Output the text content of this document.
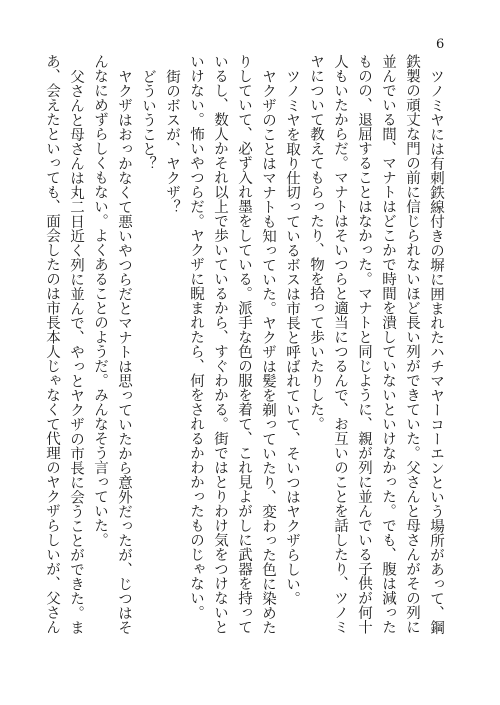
6
ツノミヤには有刺鉄線付きの塀に囲まれたハチマヤーコーエンという場所があって、鋼
鉄製の頑丈な門の前に信じられないほど長い列ができていた。父さんと母さんがその列に
並んでいる間、マナトはどこかで時間を潰していないといけなかった。でも、腹は減った
ものの、退屈することはなかった。マナトと同じように、親が列に並んでいる子供が何十
人もいたからだ。マナトはそいつらと適当につるんで、お互いのことを話したり、ツノミ
ヤについて教えてもらったり、物を拾って歩いたりした。
ツノミヤを取り仕切っているボスは市長と呼ばれていて、そいつはヤクザらしい。
ヤクザのことはマナトも知っていた。ヤクザは髪を剃っていたり、変わった色に染めた
りしていて、必ず入れ墨をしている。派手な色の服を着て、これ見よがしに武器を持って
いるし、数人かそれ以上で歩いているから、すぐわかる。街ではとりわけ気をつけないと
いけない。怖いやつらだ。ヤクザに睨まれたら、何をされるかわかったものじゃない。
街のボスが、ヤクザ？
どういうこと？
ヤクザはおっかなくて悪いやつらだとマナトは思っていたから意外だったが、じつはそ
んなにめずらしくもない。よくあることのようだ。みんなそう言っていた。
父さんと母さんは丸二日近く列に並んで、やっとヤクザの市長に会うことができた。ま
あ、会えたといっても、面会したのは市長本人じゃなくて代理のヤクザらしいが、父さん
